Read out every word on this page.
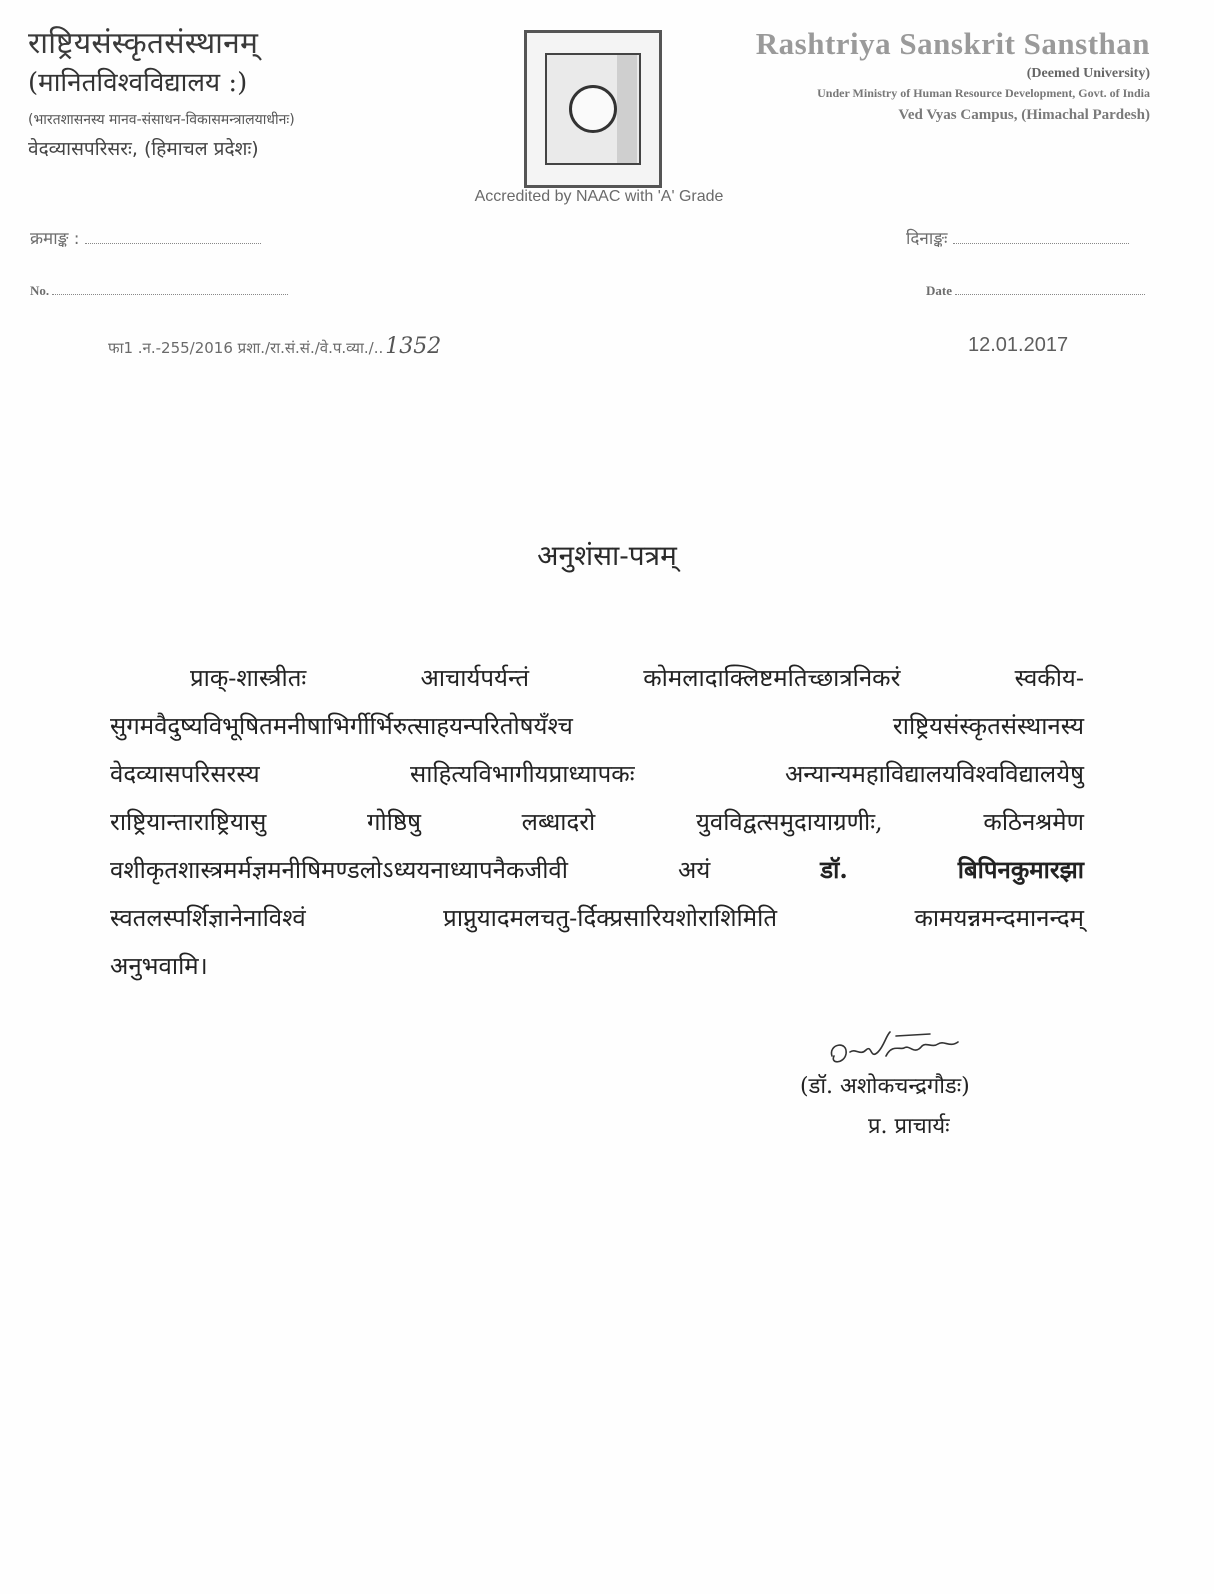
राष्ट्रियसंस्कृतसंस्थानम्
(मानितविश्वविद्यालय :)
(भारतशासनस्य मानव-संसाधन-विकासमन्त्रालयाधीनः)
वेदव्यासपरिसरः, (हिमाचल प्रदेशः)
Accredited by NAAC with 'A' Grade
Rashtriya Sanskrit Sansthan
(Deemed University)
Under Ministry of Human Resource Development, Govt. of India
Ved Vyas Campus, (Himachal Pardesh)
क्रमाङ्क :	दिनाङ्कः
No.	Date
फा1 .न.-255/2016 प्रशा./रा.सं.सं./वे.प.व्या./..1352	12.01.2017
अनुशंसा-पत्रम्
प्राक्-शास्त्रीतः	आचार्यपर्यन्तं	कोमलादाक्लिष्टमतिच्छात्रनिकरं	स्वकीय-
सुगमवैदुष्यविभूषितमनीषाभिर्गीर्भिरुत्साहयन्परितोषयँश्च	राष्ट्रियसंस्कृतसंस्थानस्य
वेदव्यासपरिसरस्य	साहित्यविभागीयप्राध्यापकः	अन्यान्यमहाविद्यालयविश्वविद्यालयेषु
राष्ट्रियान्ताराष्ट्रियासु	गोष्ठिषु	लब्धादरो	युवविद्वत्समुदायाग्रणीः,	कठिनश्रमेण
वशीकृतशास्त्रमर्मज्ञमनीषिमण्डलोऽध्ययनाध्यापनैकजीवी	अयं	डॉ.	बिपिनकुमारझा
स्वतलस्पर्शिज्ञानेनाविश्वं	प्राप्नुयादमलचतु-र्दिक्प्रसारियशोराशिमिति	कामयन्नमन्दमानन्दम्
अनुभवामि।
(डॉ. अशोकचन्द्रगौडः)
प्र. प्राचार्यः
